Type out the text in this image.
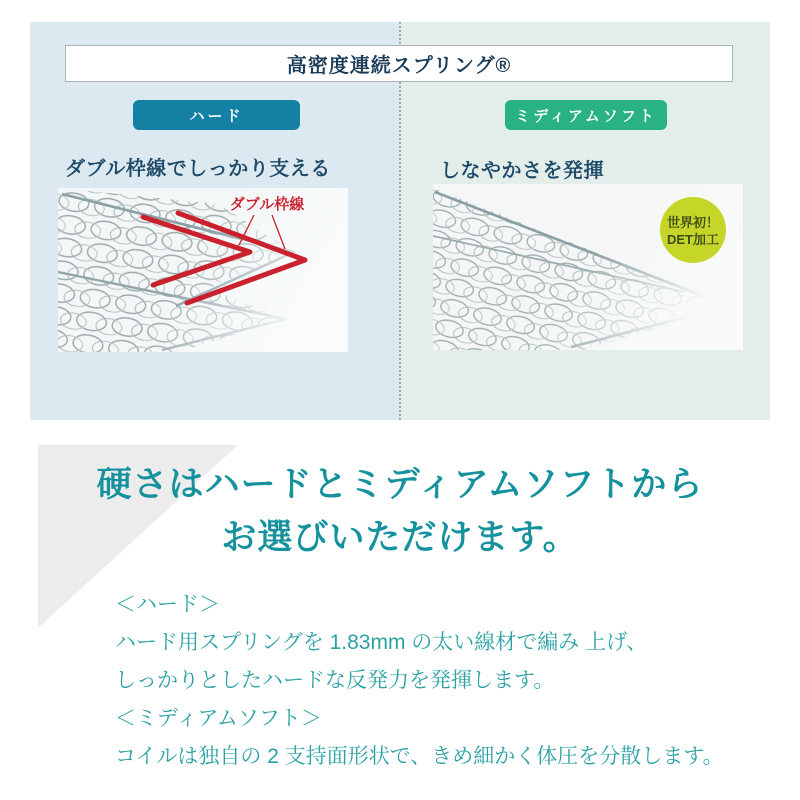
高密度連続スプリング®
ハード	ミディアムソフト
ダブル枠線でしっかり支える	しなやかさを発揮
ダブル枠線
世界初！
DET加工
硬さはハードとミディアムソフトから
お選びいただけます。
＜ハード＞
ハード用スプリングを 1.83mm の太い線材で編み 上げ、
しっかりとしたハードな反発力を発揮します。
＜ミディアムソフト＞
コイルは独自の 2 支持面形状で、きめ細かく体圧を分散します。
